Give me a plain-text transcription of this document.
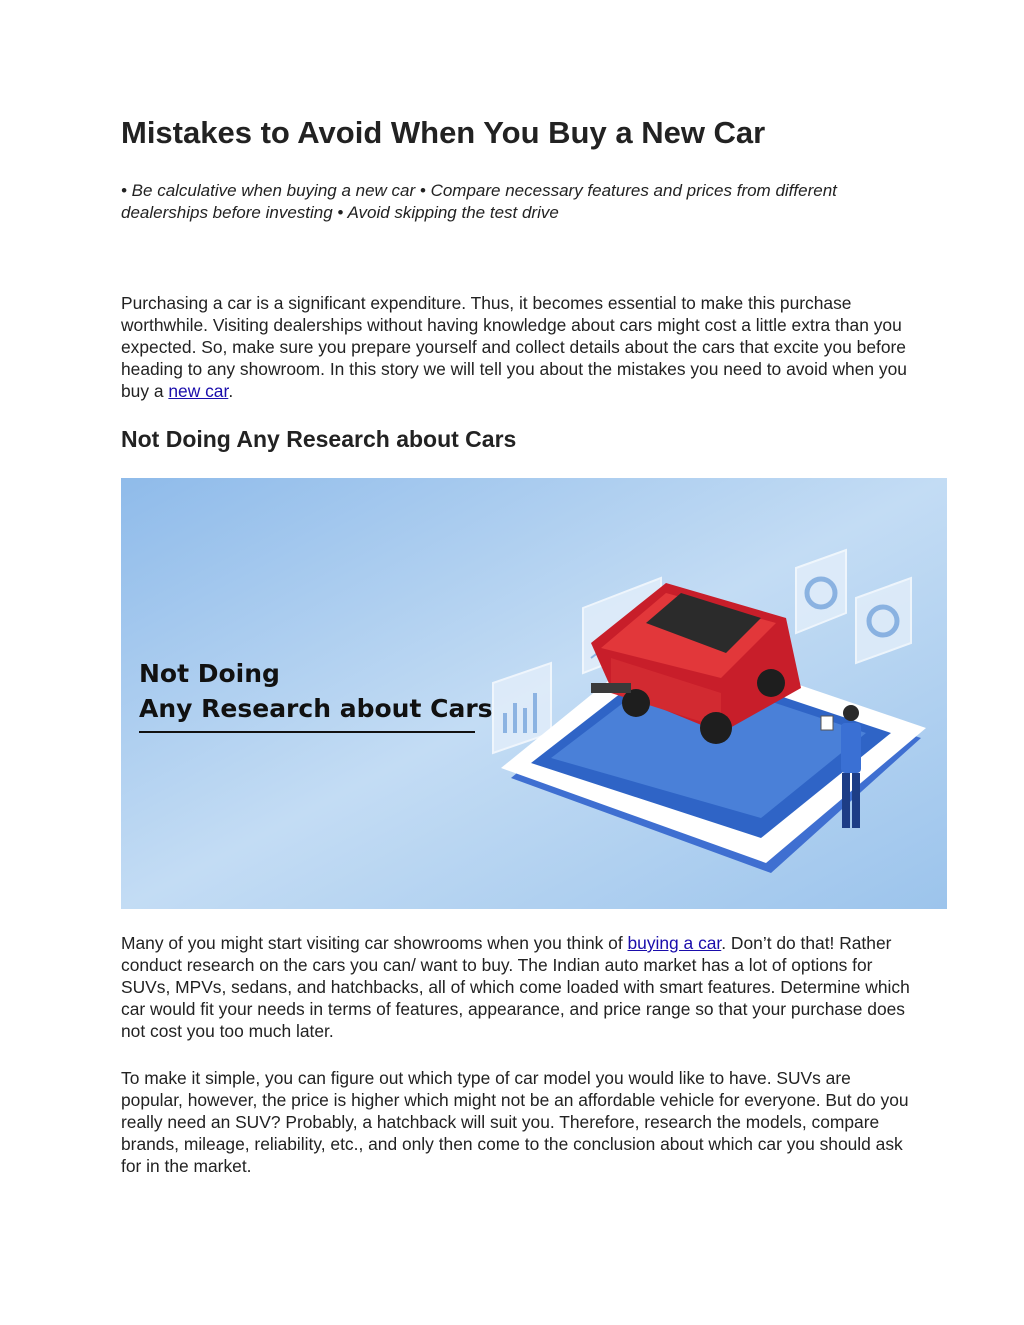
Mistakes to Avoid When You Buy a New Car

• Be calculative when buying a new car • Compare necessary features and prices from different dealerships before investing • Avoid skipping the test drive

Purchasing a car is a significant expenditure. Thus, it becomes essential to make this purchase worthwhile. Visiting dealerships without having knowledge about cars might cost a little extra than you expected. So, make sure you prepare yourself and collect details about the cars that excite you before heading to any showroom. In this story we will tell you about the mistakes you need to avoid when you buy a new car.

Not Doing Any Research about Cars
Not Doing
Any Research about Cars

Many of you might start visiting car showrooms when you think of buying a car. Don’t do that! Rather conduct research on the cars you can/ want to buy. The Indian auto market has a lot of options for SUVs, MPVs, sedans, and hatchbacks, all of which come loaded with smart features. Determine which car would fit your needs in terms of features, appearance, and price range so that your purchase does not cost you too much later.

To make it simple, you can figure out which type of car model you would like to have. SUVs are popular, however, the price is higher which might not be an affordable vehicle for everyone. But do you really need an SUV? Probably, a hatchback will suit you. Therefore, research the models, compare brands, mileage, reliability, etc., and only then come to the conclusion about which car you should ask for in the market.
